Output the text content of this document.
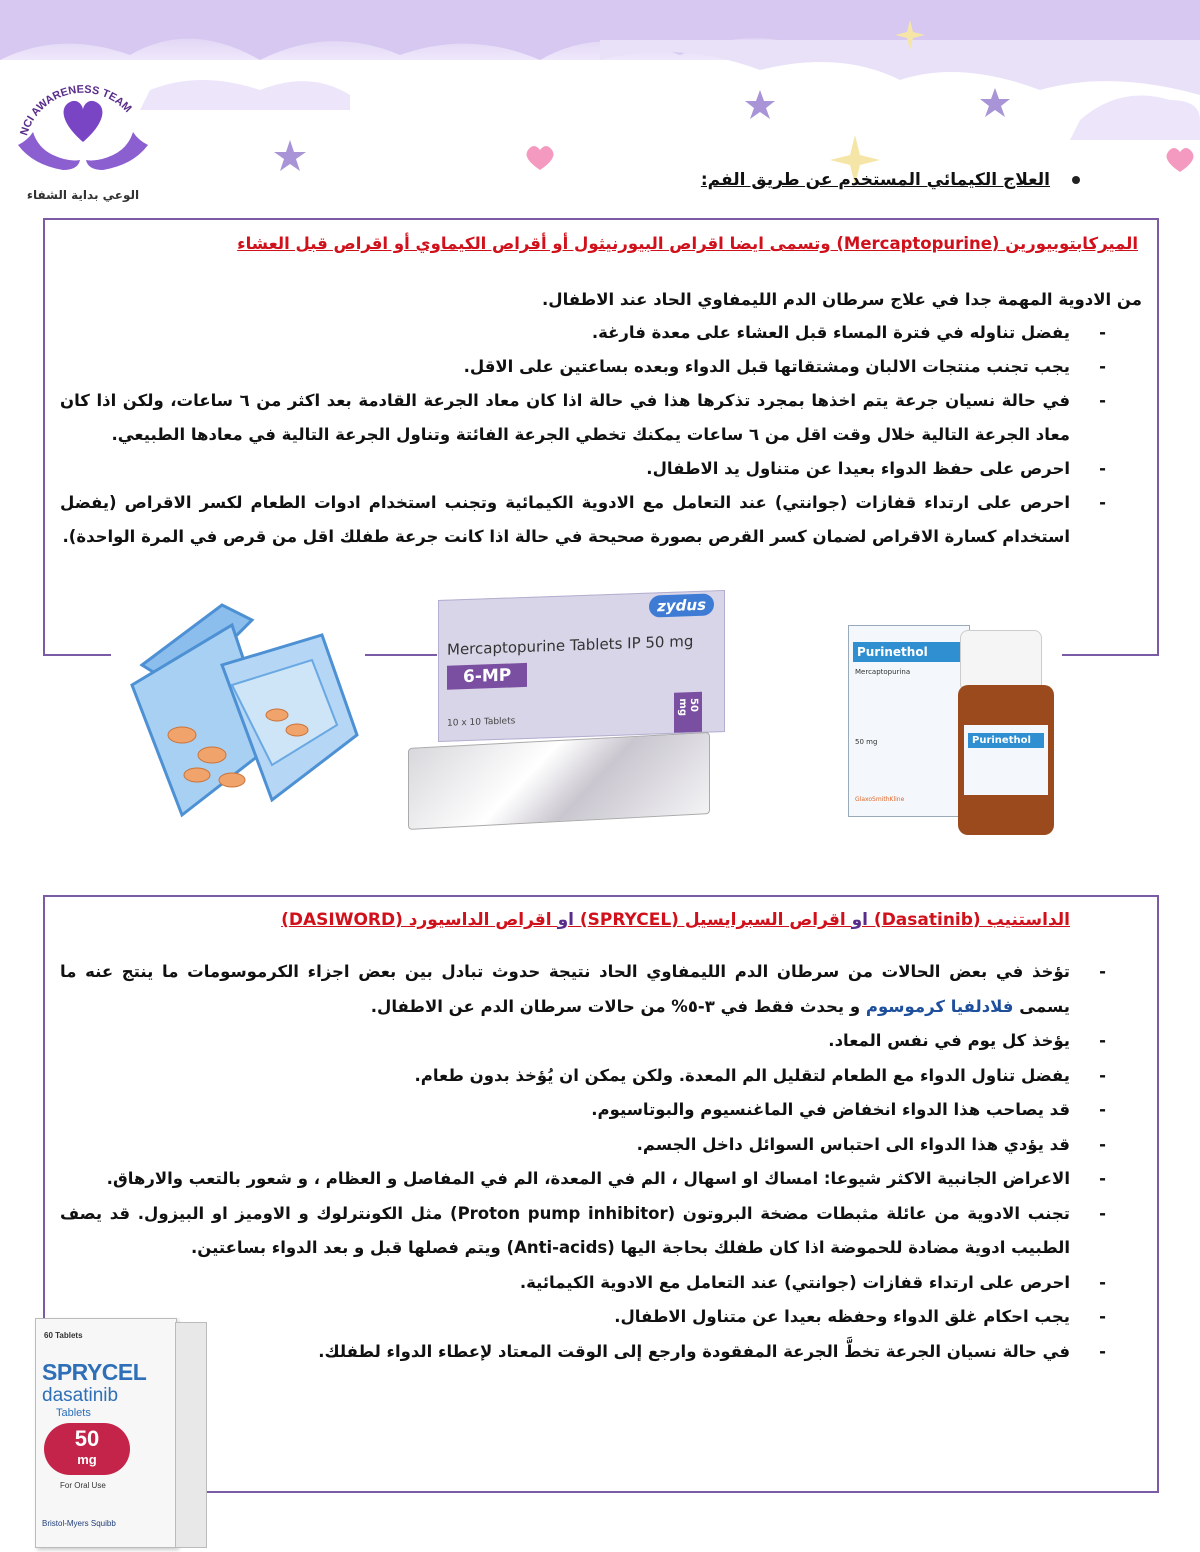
NCI AWARENESS TEAM
الوعي بداية الشفاء
العلاج الكيمائي المستخدم عن طريق الفم:
الميركابتوبيورين (Mercaptopurine) وتسمى ايضا اقراص البيورنيثول أو أقراص الكيماوي أو اقراص قبل العشاء
من الادوية المهمة جدا في علاج سرطان الدم الليمفاوي الحاد عند الاطفال.
-
يفضل تناوله في فترة المساء قبل العشاء على معدة فارغة.
-
يجب تجنب منتجات الالبان ومشتقاتها قبل الدواء وبعده بساعتين على الاقل.
-
في حالة نسيان جرعة يتم اخذها بمجرد تذكرها هذا في حالة اذا كان معاد الجرعة القادمة بعد اكثر من ٦ ساعات، ولكن اذا كان معاد الجرعة التالية خلال وقت اقل من ٦ ساعات يمكنك تخطي الجرعة الفائتة وتناول الجرعة التالية في معادها الطبيعي.
-
احرص على حفظ الدواء بعيدا عن متناول يد الاطفال.
-
احرص على ارتداء قفازات (جوانتي) عند التعامل مع الادوية الكيمائية وتجنب استخدام ادوات الطعام لكسر الاقراص (يفضل استخدام كسارة الاقراص لضمان كسر القرص بصورة صحيحة في حالة اذا كانت جرعة طفلك اقل من قرص في المرة الواحدة).
zydus
Mercaptopurine Tablets IP 50 mg
6-MP
10 x 10 Tablets
50 mg
Purinethol
Mercaptopurina
50 mg
GlaxoSmithKline
Purinethol
الداستنيب (Dasatinib) او اقراص السبرايسيل (SPRYCEL) او اقراص الداسيورد (DASIWORD)
-
تؤخذ في بعض الحالات من سرطان الدم الليمفاوي الحاد نتيجة حدوث تبادل بين بعض اجزاء الكرموسومات ما ينتج عنه ما يسمى فلادلفيا كرموسوم و يحدث فقط في ٣-٥% من حالات سرطان الدم عن الاطفال.
-
يؤخذ كل يوم في نفس المعاد.
-
يفضل تناول الدواء مع الطعام لتقليل الم المعدة. ولكن يمكن ان يُؤخذ بدون طعام.
-
قد يصاحب هذا الدواء انخفاض في الماغنسيوم والبوتاسيوم.
-
قد يؤدي هذا الدواء الى احتباس السوائل داخل الجسم.
-
الاعراض الجانبية الاكثر شيوعا: امساك او اسهال ، الم في المعدة، الم في المفاصل و العظام ، و شعور بالتعب والارهاق.
-
تجنب الادوية من عائلة مثبطات مضخة البروتون (Proton pump inhibitor) مثل الكونترلوك و الاوميز او البيزول. قد يصف الطبيب ادوية مضادة للحموضة اذا كان طفلك بحاجة اليها (Anti-acids) ويتم فصلها قبل و بعد الدواء بساعتين.
-
احرص على ارتداء قفازات (جوانتي) عند التعامل مع الادوية الكيمائية.
-
يجب احكام غلق الدواء وحفظه بعيدا عن متناول الاطفال.
-
في حالة نسيان الجرعة تخطَّ الجرعة المفقودة وارجع إلى الوقت المعتاد لإعطاء الدواء لطفلك.
60 Tablets
SPRYCEL
dasatinib
Tablets
50
mg
For Oral Use
Bristol-Myers Squibb
